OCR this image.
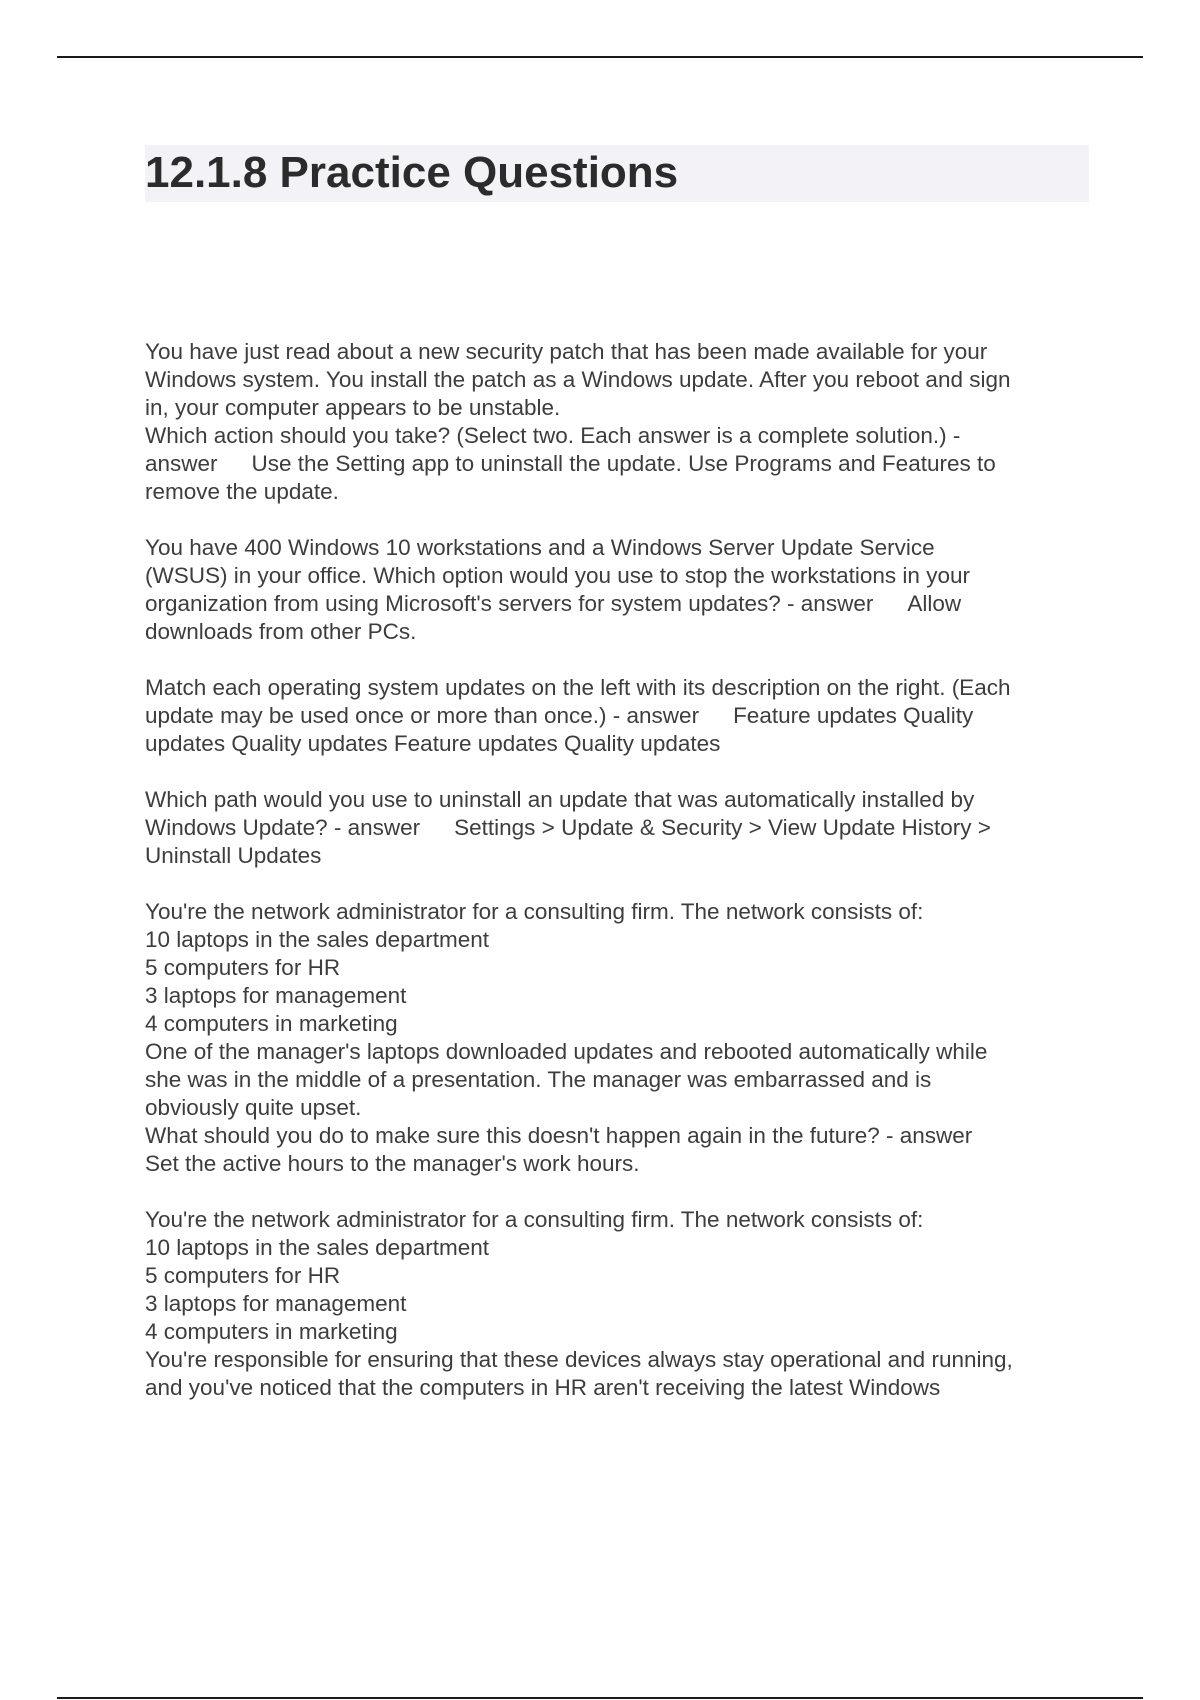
12.1.8 Practice Questions
You have just read about a new security patch that has been made available for your
Windows system. You install the patch as a Windows update. After you reboot and sign
in, your computer appears to be unstable.
Which action should you take? (Select two. Each answer is a complete solution.) -
answer Use the Setting app to uninstall the update. Use Programs and Features to
remove the update.
You have 400 Windows 10 workstations and a Windows Server Update Service
(WSUS) in your office. Which option would you use to stop the workstations in your
organization from using Microsoft's servers for system updates? - answer Allow
downloads from other PCs.
Match each operating system updates on the left with its description on the right. (Each
update may be used once or more than once.) - answer Feature updates Quality
updates Quality updates Feature updates Quality updates
Which path would you use to uninstall an update that was automatically installed by
Windows Update? - answer Settings > Update & Security > View Update History >
Uninstall Updates
You're the network administrator for a consulting firm. The network consists of:
10 laptops in the sales department
5 computers for HR
3 laptops for management
4 computers in marketing
One of the manager's laptops downloaded updates and rebooted automatically while
she was in the middle of a presentation. The manager was embarrassed and is
obviously quite upset.
What should you do to make sure this doesn't happen again in the future? - answer
Set the active hours to the manager's work hours.
You're the network administrator for a consulting firm. The network consists of:
10 laptops in the sales department
5 computers for HR
3 laptops for management
4 computers in marketing
You're responsible for ensuring that these devices always stay operational and running,
and you've noticed that the computers in HR aren't receiving the latest Windows
